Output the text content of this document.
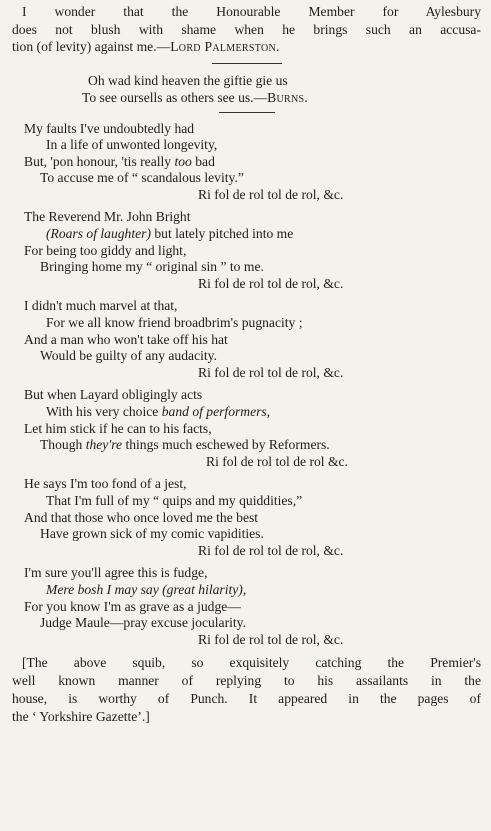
I wonder that the Honourable Member for Aylesbury
does not blush with shame when he brings such an accusa-
tion (of levity) against me.—Lord Palmerston.
Oh wad kind heaven the giftie gie us
To see oursells as others see us.—Burns.
My faults I've undoubtedly had
In a life of unwonted longevity,
But, 'pon honour, 'tis really too bad
To accuse me of “ scandalous levity.”
Ri fol de rol tol de rol, &c.
The Reverend Mr. John Bright
(Roars of laughter) but lately pitched into me
For being too giddy and light,
Bringing home my “ original sin ” to me.
Ri fol de rol tol de rol, &c.
I didn't much marvel at that,
For we all know friend broadbrim's pugnacity ;
And a man who won't take off his hat
Would be guilty of any audacity.
Ri fol de rol tol de rol, &c.
But when Layard obligingly acts
With his very choice band of performers,
Let him stick if he can to his facts,
Though they're things much eschewed by Reformers.
Ri fol de rol tol de rol &c.
He says I'm too fond of a jest,
That I'm full of my “ quips and my quiddities,”
And that those who once loved me the best
Have grown sick of my comic vapidities.
Ri fol de rol tol de rol, &c.
I'm sure you'll agree this is fudge,
Mere bosh I may say (great hilarity),
For you know I'm as grave as a judge—
Judge Maule—pray excuse jocularity.
Ri fol de rol tol de rol, &c.
[The above squib, so exquisitely catching the Premier's
well known manner of replying to his assailants in the
house, is worthy of Punch. It appeared in the pages of
the ‘ Yorkshire Gazette’.]
